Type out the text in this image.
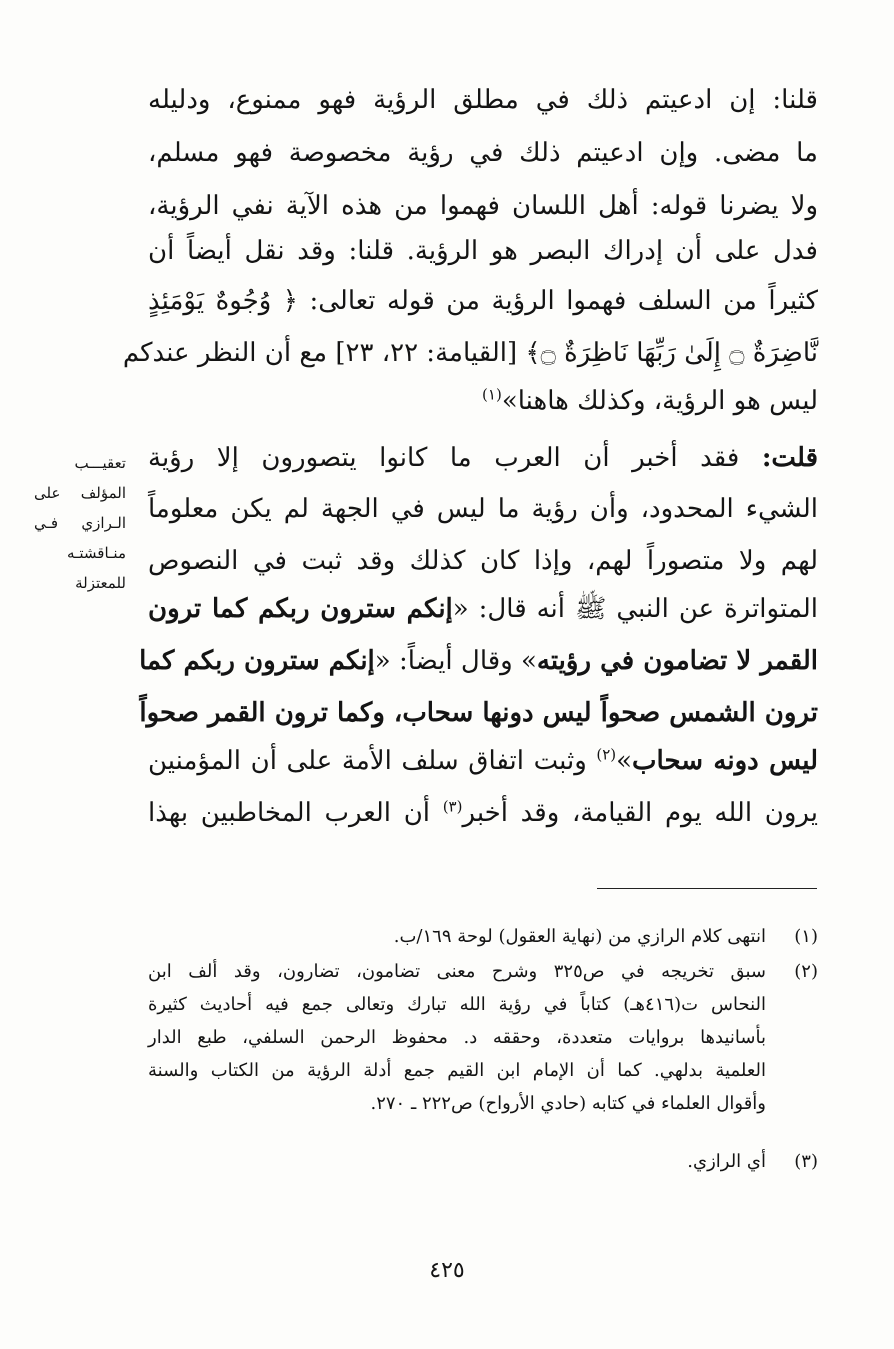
قلنا: إن ادعيتم ذلك في مطلق الرؤية فهو ممنوع، ودليله
ما مضى. وإن ادعيتم ذلك في رؤية مخصوصة فهو مسلم،
ولا يضرنا قوله: أهل اللسان فهموا من هذه الآية نفي الرؤية،
فدل على أن إدراك البصر هو الرؤية. قلنا: وقد نقل أيضاً أن
كثيراً من السلف فهموا الرؤية من قوله تعالى: ﴿ وُجُوهٌ يَوْمَئِذٍ
نَّاضِرَةٌ ۝ إِلَىٰ رَبِّهَا نَاظِرَةٌ ۝﴾ [القيامة: ٢٢، ٢٣] مع أن النظر عندكم
ليس هو الرؤية، وكذلك هاهنا»$^{(١)}$
قلت: فقد أخبر أن العرب ما كانوا يتصورون إلا رؤية
الشيء المحدود، وأن رؤية ما ليس في الجهة لم يكن معلوماً
لهم ولا متصوراً لهم، وإذا كان كذلك وقد ثبت في النصوص
المتواترة عن النبي ﷺ أنه قال: «إنكم سترون ربكم كما ترون
القمر لا تضامون في رؤيته» وقال أيضاً: «إنكم سترون ربكم كما
ترون الشمس صحواً ليس دونها سحاب، وكما ترون القمر صحواً
ليس دونه سحاب»$^{(٢)}$ وثبت اتفاق سلف الأمة على أن المؤمنين
يرون الله يوم القيامة، وقد أخبر$^{(٣)}$ أن العرب المخاطبين بهذا
تعقيـــب
المؤلف على
الـرازي فـي
منـاقشتـه
للمعتزلة
(١)
انتهى كلام الرازي من (نهاية العقول) لوحة ١٦٩/ب.
(٢)
سبق تخريجه في ص٣٢٥ وشرح معنى تضامون، تضارون، وقد ألف ابن
النحاس ت(٤١٦هـ) كتاباً في رؤية الله تبارك وتعالى جمع فيه أحاديث كثيرة
بأسانيدها بروايات متعددة، وحققه د. محفوظ الرحمن السلفي، طبع الدار
العلمية بدلهي. كما أن الإمام ابن القيم جمع أدلة الرؤية من الكتاب والسنة
وأقوال العلماء في كتابه (حادي الأرواح) ص٢٢٢ ـ ٢٧٠.
(٣)
أي الرازي.
٤٢٥
